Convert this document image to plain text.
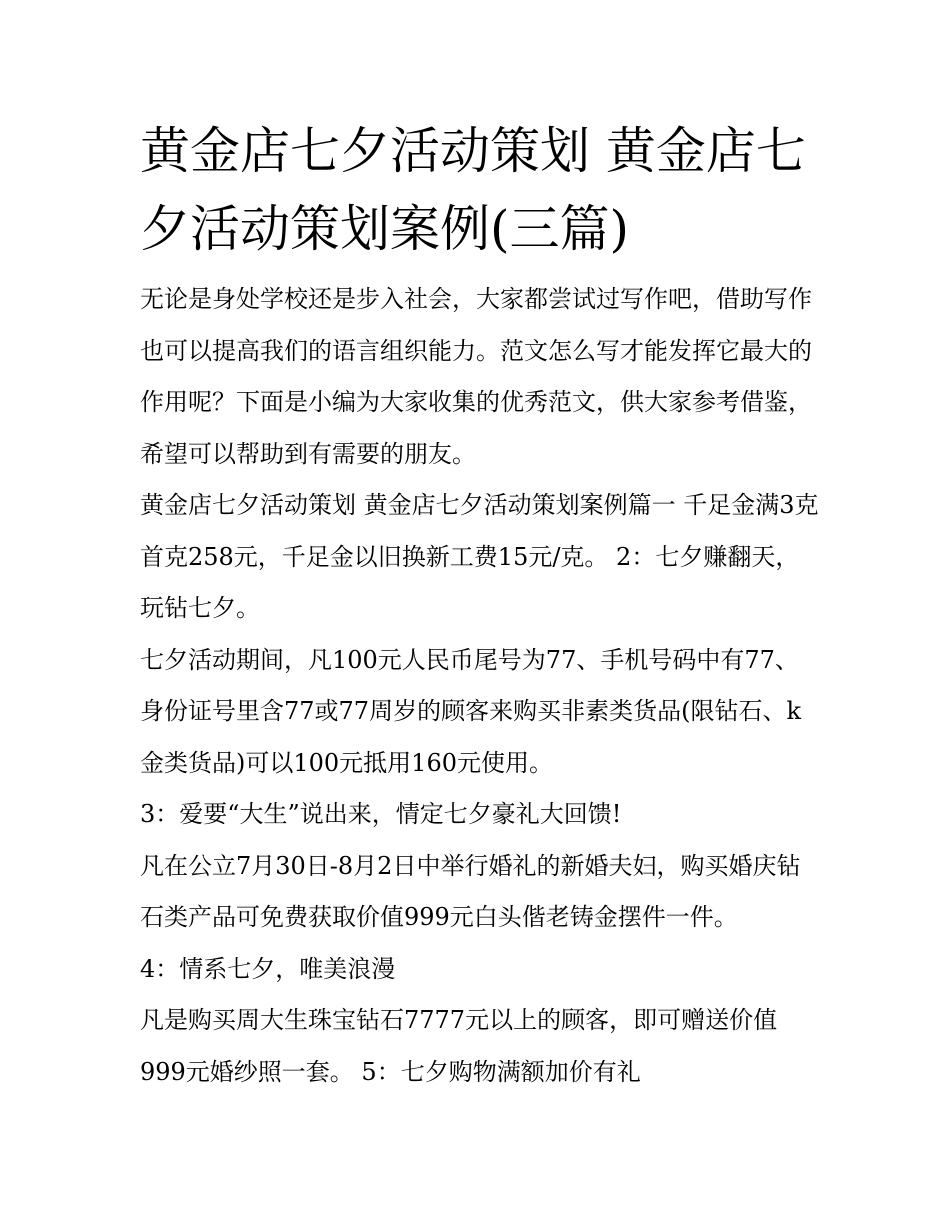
黄金店七夕活动策划 黄金店七夕活动策划案例(三篇)

无论是身处学校还是步入社会，大家都尝试过写作吧，借助写作也可以提高我们的语言组织能力。范文怎么写才能发挥它最大的作用呢？下面是小编为大家收集的优秀范文，供大家参考借鉴，希望可以帮助到有需要的朋友。

黄金店七夕活动策划 黄金店七夕活动策划案例篇一 千足金满3克首克258元，千足金以旧换新工费15元/克。 2：七夕赚翻天，玩钻七夕。

七夕活动期间，凡100元人民币尾号为77、手机号码中有77、身份证号里含77或77周岁的顾客来购买非素类货品(限钻石、k金类货品)可以100元抵用160元使用。

3：爱要“大生”说出来，情定七夕豪礼大回馈!

凡在公立7月30日-8月2日中举行婚礼的新婚夫妇，购买婚庆钻石类产品可免费获取价值999元白头偕老铸金摆件一件。

4：情系七夕，唯美浪漫

凡是购买周大生珠宝钻石7777元以上的顾客，即可赠送价值999元婚纱照一套。 5：七夕购物满额加价有礼
